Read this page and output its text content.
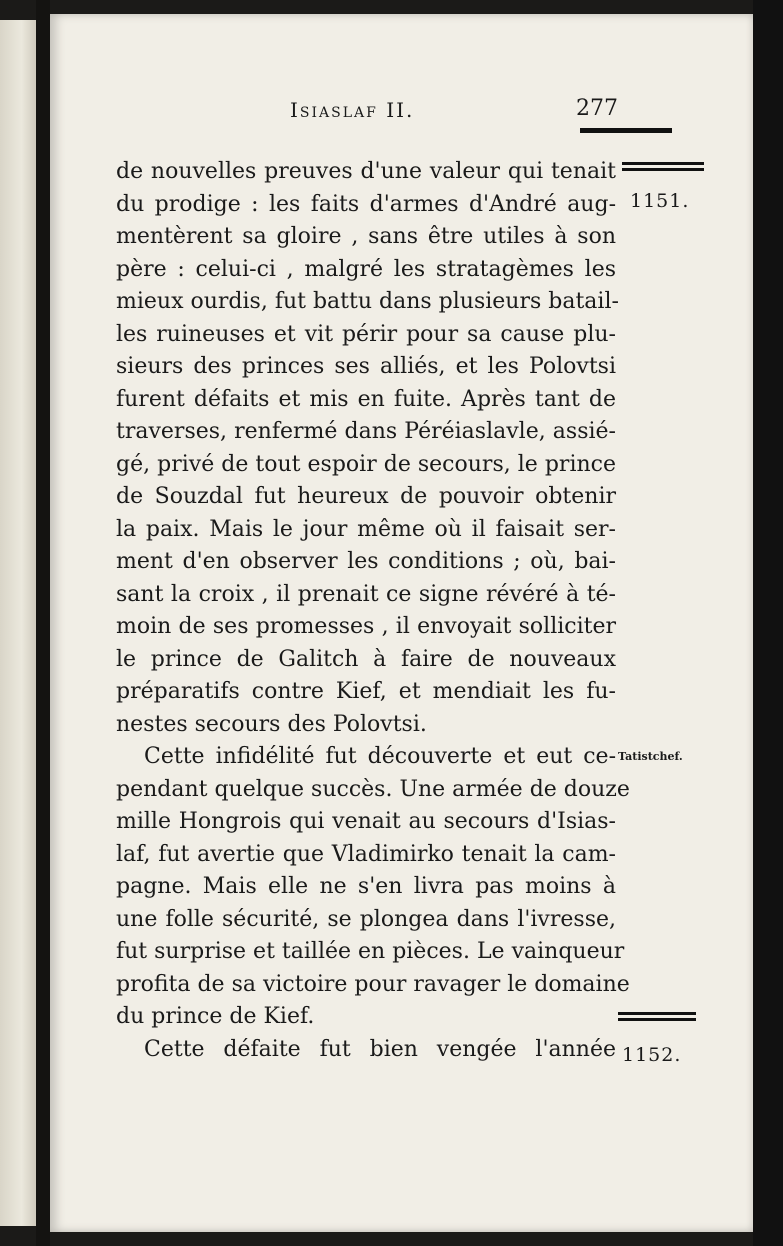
Isiaslaf II.	277
de nouvelles preuves d'une valeur qui tenait
du prodige : les faits d'armes d'André aug-
mentèrent sa gloire , sans être utiles à son
père : celui-ci , malgré les stratagèmes les
mieux ourdis, fut battu dans plusieurs batail-
les ruineuses et vit périr pour sa cause plu-
sieurs des princes ses alliés, et les Polovtsi
furent défaits et mis en fuite. Après tant de
traverses, renfermé dans Péréiaslavle, assié-
gé, privé de tout espoir de secours, le prince
de Souzdal fut heureux de pouvoir obtenir
la paix. Mais le jour même où il faisait ser-
ment d'en observer les conditions ; où, bai-
sant la croix , il prenait ce signe révéré à té-
moin de ses promesses , il envoyait solliciter
le prince de Galitch à faire de nouveaux
préparatifs contre Kief, et mendiait les fu-
nestes secours des Polovtsi.
Cette infidélité fut découverte et eut ce-
pendant quelque succès. Une armée de douze
mille Hongrois qui venait au secours d'Isias-
laf, fut avertie que Vladimirko tenait la cam-
pagne. Mais elle ne s'en livra pas moins à
une folle sécurité, se plongea dans l'ivresse,
fut surprise et taillée en pièces. Le vainqueur
profita de sa victoire pour ravager le domaine
du prince de Kief.
Cette défaite fut bien vengée l'année
1151.
Tatistchef.
1152.
